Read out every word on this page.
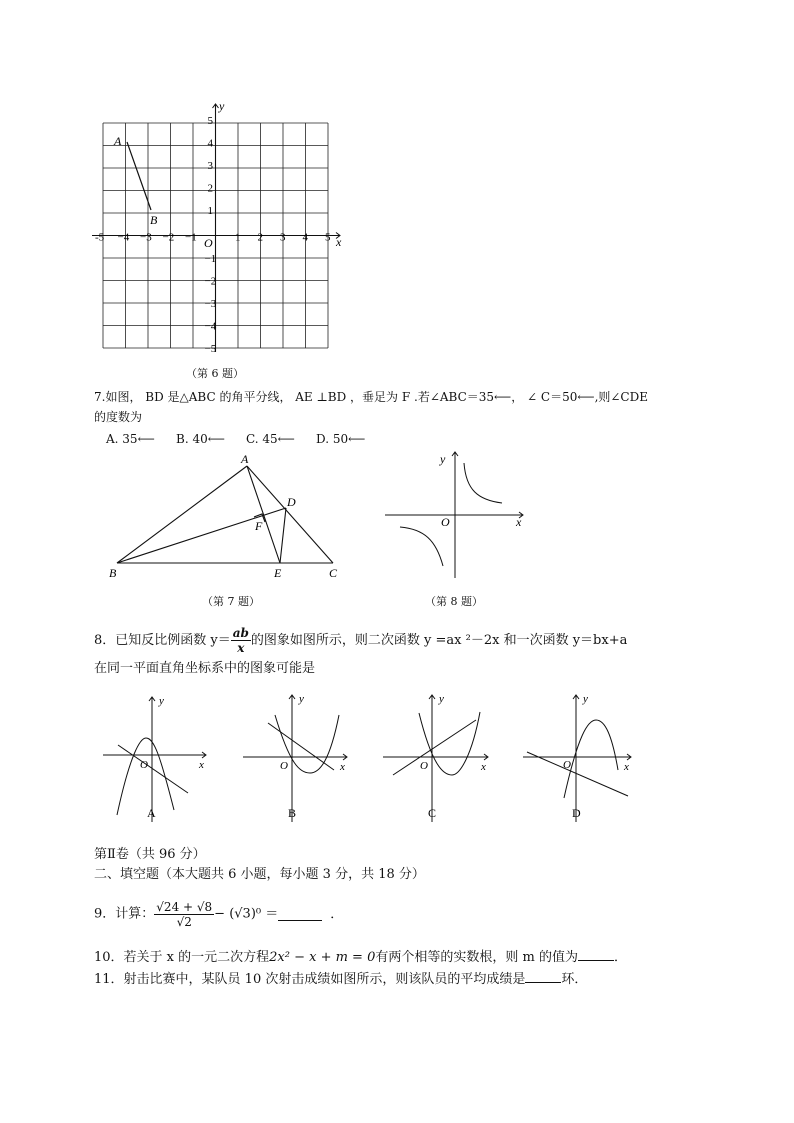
-5 −4 −3 −2 −1	1 2 3 4 5
5
4
3
2
1
−1
−2
−3
−4
−5
A
B
O	x
y
（第 6 题）
7.如图， BD 是△ABC 的角平分线， AE ⊥BD ，垂足为 F .若∠ABC＝35⟵， ∠ C＝50⟵,则∠CDE
的度数为
A. 35⟵ B. 40⟵ C. 45⟵ D. 50⟵
A
B	C
D
E
F
（第 7 题）
x
y
O
（第 8 题）
8．已知反比例函数 $y= \frac{ab}{x}$ 的图象如图所示，则二次函数 y =ax ²－2x 和一次函数 y＝bx+a
在同一平面直角坐标系中的图象可能是
y
x
O
y
x
O
y
x
O
y
x
O
A	B	C	D
第Ⅱ卷（共 96 分）
二、填空题（本大题共 6 小题，每小题 3 分，共 18 分）
9．计算： $\frac{√24 + √8}{√2} - (√3)^0$ ＝	．
10．若关于 x 的一元二次方程2x² − x + m = 0有两个相等的实数根，则 m 的值为	．
11．射击比赛中，某队员 10 次射击成绩如图所示，则该队员的平均成绩是	环．
